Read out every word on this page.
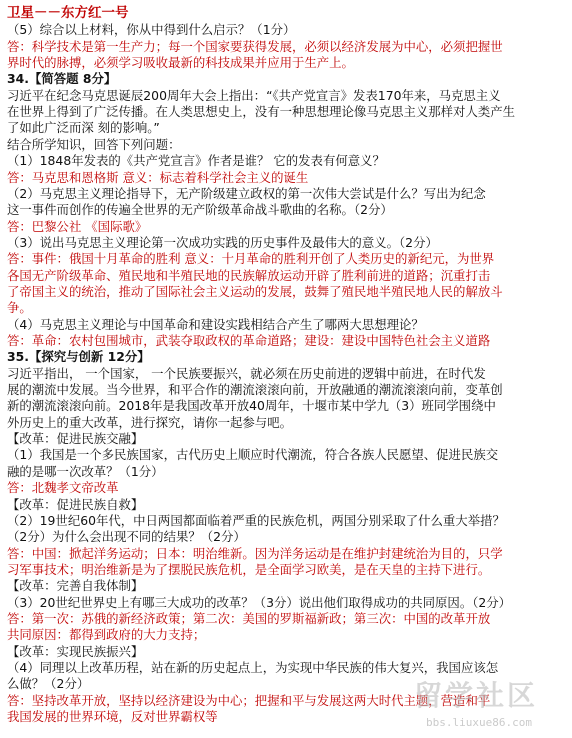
卫星－－东方红一号
（5）综合以上材料，你从中得到什么启示？（1分）
答：科学技术是第一生产力；每一个国家要获得发展，必须以经济发展为中心，必须把握世
界时代的脉搏，必须学习吸收最新的科技成果并应用于生产上。
34.【简答题 8分】
习近平在纪念马克思诞辰200周年大会上指出：“《共产党宣言》发表170年来，马克思主义
在世界上得到了广泛传播。在人类思想史上，没有一种思想理论像马克思主义那样对人类产生
了如此广泛而深 刻的影响。”
结合所学知识，回答下列问题：
（1）1848年发表的《共产党宣言》作者是谁？ 它的发表有何意义？
答：马克思和恩格斯 意义：标志着科学社会主义的诞生
（2）马克思主义理论指导下，无产阶级建立政权的第一次伟大尝试是什么？写出为纪念
这一事件而创作的传遍全世界的无产阶级革命战斗歌曲的名称。（2分）
答：巴黎公社 《国际歌》
（3）说出马克思主义理论第一次成功实践的历史事件及最伟大的意义。（2分）
答：事件：俄国十月革命的胜利 意义：十月革命的胜利开创了人类历史的新纪元，为世界
各国无产阶级革命、殖民地和半殖民地的民族解放运动开辟了胜利前进的道路；沉重打击
了帝国主义的统治，推动了国际社会主义运动的发展，鼓舞了殖民地半殖民地人民的解放斗
争。
（4）马克思主义理论与中国革命和建设实践相结合产生了哪两大思想理论？
答：革命：农村包围城市，武装夺取政权的革命道路；建设：建设中国特色社会主义道路
35.【探究与创新 12分】
习近平指出， 一个国家， 一个民族要振兴，就必须在历史前进的逻辑中前进，在时代发
展的潮流中发展。当今世界，和平合作的潮流滚滚向前，开放融通的潮流滚滚向前，变革创
新的潮流滚滚向前。2018年是我国改革开放40周年，十堰市某中学九（3）班同学围绕中
外历史上的重大改革，进行探究，请你一起参与吧。
【改革：促进民族交融】
（1）我国是一个多民族国家，古代历史上顺应时代潮流，符合各族人民愿望、促进民族交
融的是哪一次改革？（1分）
答：北魏孝文帝改革
【改革：促进民族自救】
（2）19世纪60年代，中日两国都面临着严重的民族危机，两国分别采取了什么重大举措？
（2分）为什么会出现不同的结果？（2分）
答：中国：掀起洋务运动；日本：明治维新。因为洋务运动是在维护封建统治为目的，只学
习军事技术；明治维新是为了摆脱民族危机，是全面学习欧美，是在天皇的主持下进行。
【改革：完善自我体制】
（3）20世纪世界史上有哪三大成功的改革？（3分）说出他们取得成功的共同原因。（2分）
答：第一次：苏俄的新经济政策；第二次：美国的罗斯福新政；第三次：中国的改革开放
共同原因：都得到政府的大力支持；
【改革：实现民族振兴】
（4）同理以上改革历程，站在新的历史起点上，为实现中华民族的伟大复兴，我国应该怎
么做？（2分）
答：坚持改革开放，坚持以经济建设为中心；把握和平与发展这两大时代主题，营造和平
我国发展的世界环境，反对世界霸权等
留学社区
bbs.liuxue86.com
